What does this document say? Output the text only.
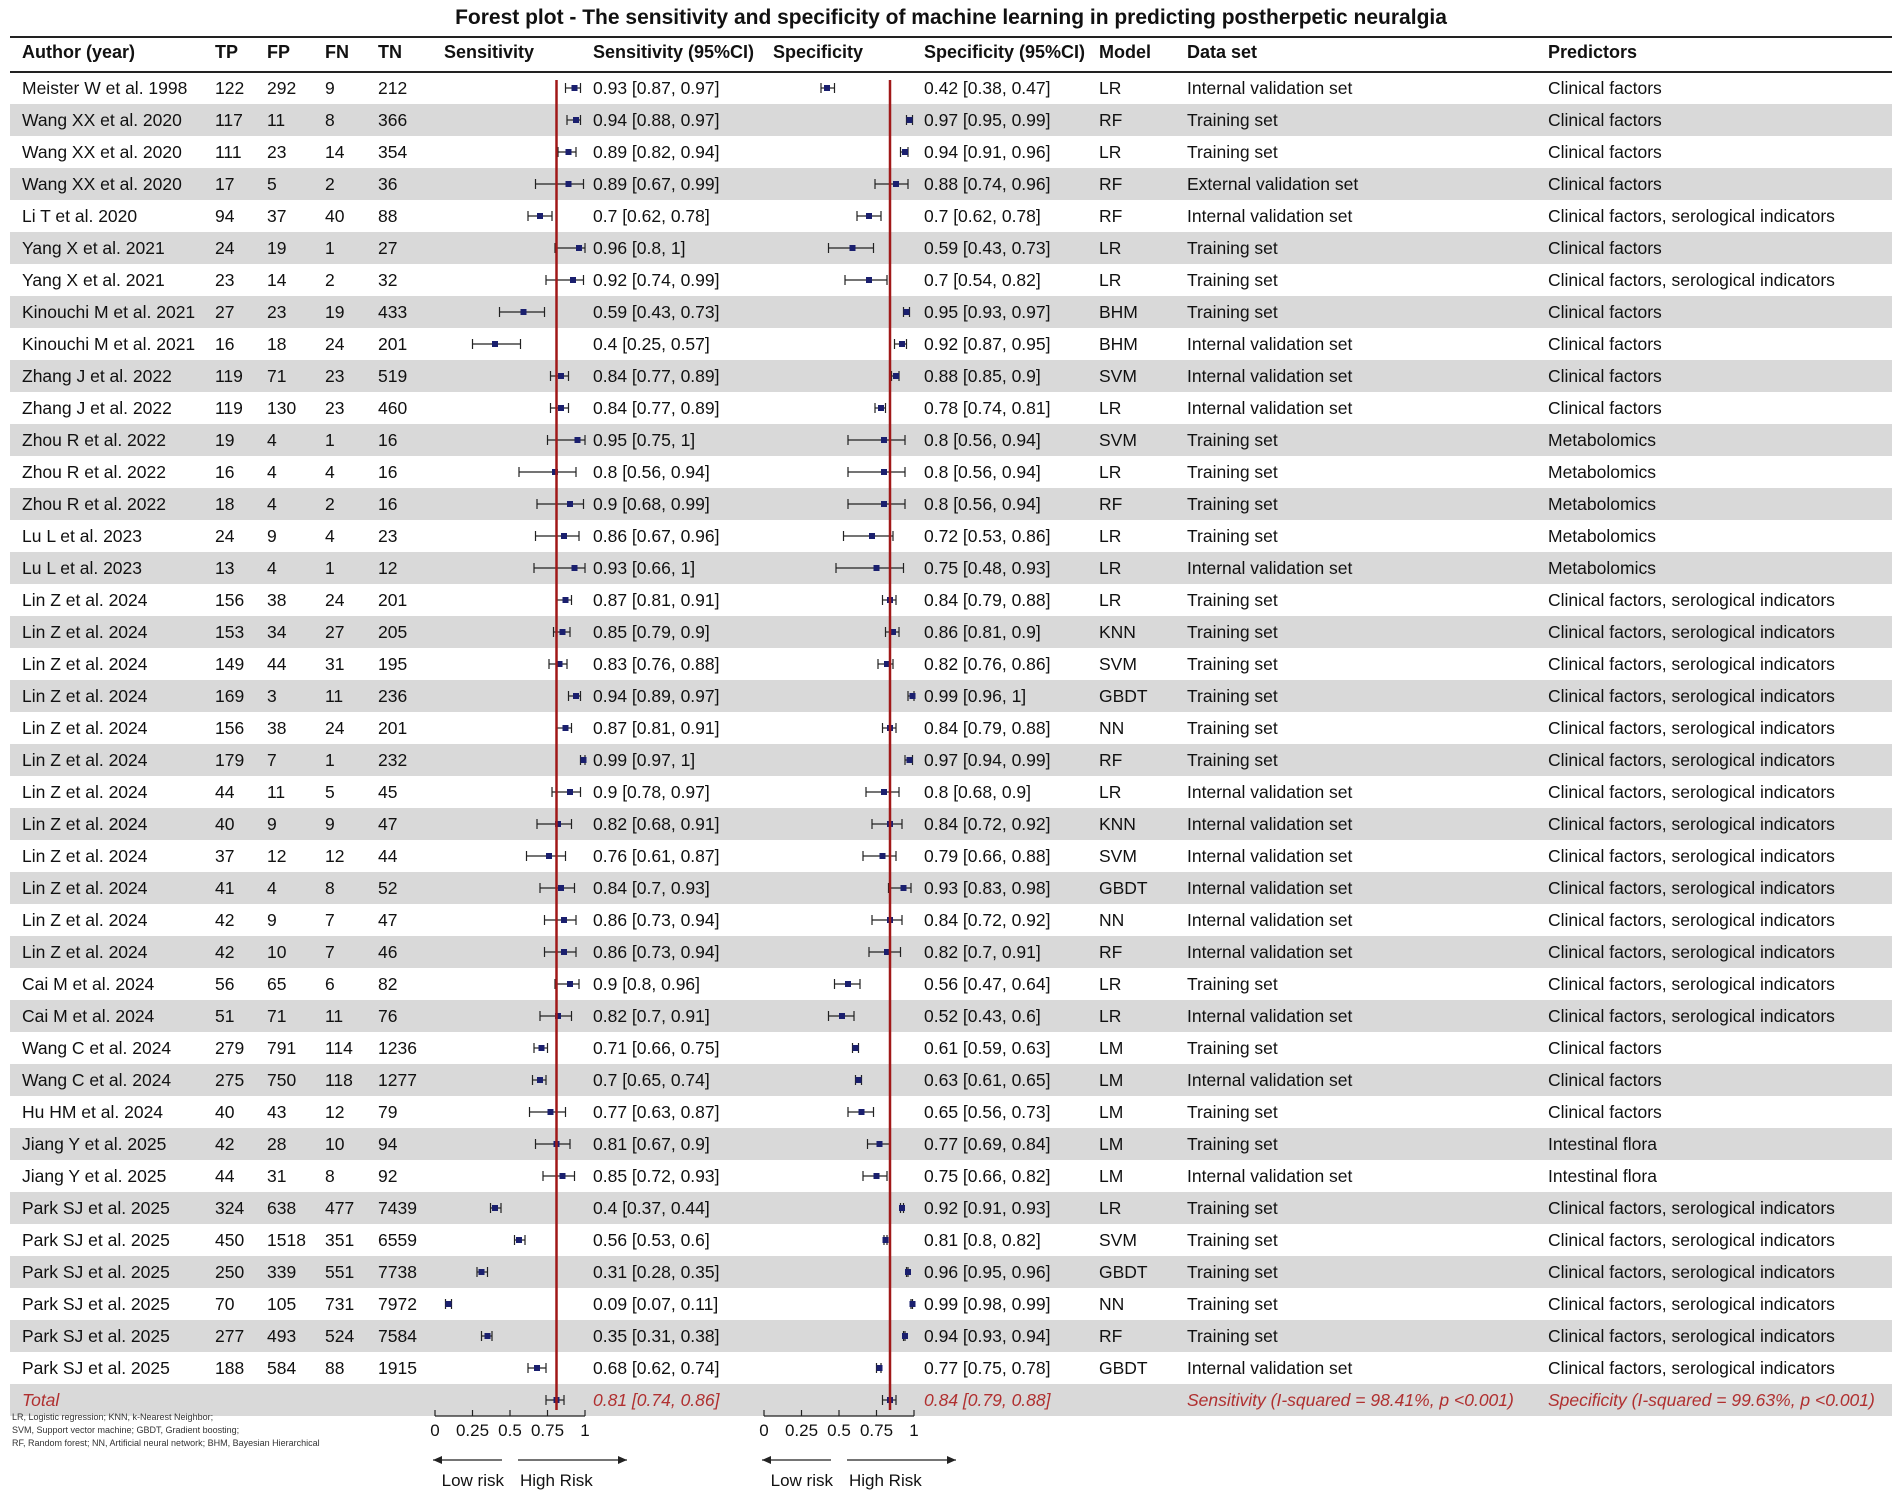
Forest plot - The sensitivity and specificity of machine learning in predicting postherpetic neuralgia
Author (year)	TP FP FN TN Sensitivity	Sensitivity (95%CI) Specificity	Specificity (95%CI) Model Data set	Predictors
Meister W et al. 1998 122 292 9 212	0.93 [0.87, 0.97]	0.42 [0.38, 0.47]	LR	Internal validation set	Clinical factors
Wang XX et al. 2020 117 11 8 366	0.94 [0.88, 0.97]	0.97 [0.95, 0.99]	RF	Training set	Clinical factors
Wang XX et al. 2020 111 23 14 354	0.89 [0.82, 0.94]	0.94 [0.91, 0.96]	LR	Training set	Clinical factors
Wang XX et al. 2020 17 5	2 36	0.89 [0.67, 0.99]	0.88 [0.74, 0.96]	RF	External validation set	Clinical factors
Li T et al. 2020	94 37 40 88	0.7 [0.62, 0.78]	0.7 [0.62, 0.78]	RF	Internal validation set	Clinical factors, serological indicators
Yang X et al. 2021	24 19 1 27	0.96 [0.8, 1]	0.59 [0.43, 0.73]	LR	Training set	Clinical factors
Yang X et al. 2021	23 14 2 32	0.92 [0.74, 0.99]	0.7 [0.54, 0.82]	LR	Training set	Clinical factors, serological indicators
Kinouchi M et al. 2021 27 23 19 433	0.59 [0.43, 0.73]	0.95 [0.93, 0.97]	BHM	Training set	Clinical factors
Kinouchi M et al. 2021 16 18 24 201	0.4 [0.25, 0.57]	0.92 [0.87, 0.95]	BHM	Internal validation set	Clinical factors
Zhang J et al. 2022 119 71 23 519	0.84 [0.77, 0.89]	0.88 [0.85, 0.9]	SVM	Internal validation set	Clinical factors
Zhang J et al. 2022 119 130 23 460	0.84 [0.77, 0.89]	0.78 [0.74, 0.81]	LR	Internal validation set	Clinical factors
Zhou R et al. 2022	19 4	1 16	0.95 [0.75, 1]	0.8 [0.56, 0.94]	SVM	Training set	Metabolomics
Zhou R et al. 2022	16 4	4 16	0.8 [0.56, 0.94]	0.8 [0.56, 0.94]	LR	Training set	Metabolomics
Zhou R et al. 2022	18 4	2 16	0.9 [0.68, 0.99]	0.8 [0.56, 0.94]	RF	Training set	Metabolomics
Lu L et al. 2023	24 9	4 23	0.86 [0.67, 0.96]	0.72 [0.53, 0.86]	LR	Training set	Metabolomics
Lu L et al. 2023	13 4	1 12	0.93 [0.66, 1]	0.75 [0.48, 0.93]	LR	Internal validation set	Metabolomics
Lin Z et al. 2024	156 38 24 201	0.87 [0.81, 0.91]	0.84 [0.79, 0.88]	LR	Training set	Clinical factors, serological indicators
Lin Z et al. 2024	153 34 27 205	0.85 [0.79, 0.9]	0.86 [0.81, 0.9]	KNN	Training set	Clinical factors, serological indicators
Lin Z et al. 2024	149 44 31 195	0.83 [0.76, 0.88]	0.82 [0.76, 0.86]	SVM	Training set	Clinical factors, serological indicators
Lin Z et al. 2024	169 3	11 236	0.94 [0.89, 0.97]	0.99 [0.96, 1]	GBDT Training set	Clinical factors, serological indicators
Lin Z et al. 2024	156 38 24 201	0.87 [0.81, 0.91]	0.84 [0.79, 0.88]	NN	Training set	Clinical factors, serological indicators
Lin Z et al. 2024	179 7	1 232	0.99 [0.97, 1]	0.97 [0.94, 0.99]	RF	Training set	Clinical factors, serological indicators
Lin Z et al. 2024	44 11 5 45	0.9 [0.78, 0.97]	0.8 [0.68, 0.9]	LR	Internal validation set	Clinical factors, serological indicators
Lin Z et al. 2024	40 9	9 47	0.82 [0.68, 0.91]	0.84 [0.72, 0.92]	KNN	Internal validation set	Clinical factors, serological indicators
Lin Z et al. 2024	37 12 12 44	0.76 [0.61, 0.87]	0.79 [0.66, 0.88]	SVM	Internal validation set	Clinical factors, serological indicators
Lin Z et al. 2024	41 4	8 52	0.84 [0.7, 0.93]	0.93 [0.83, 0.98]	GBDT Internal validation set	Clinical factors, serological indicators
Lin Z et al. 2024	42 9	7 47	0.86 [0.73, 0.94]	0.84 [0.72, 0.92]	NN	Internal validation set	Clinical factors, serological indicators
Lin Z et al. 2024	42 10 7 46	0.86 [0.73, 0.94]	0.82 [0.7, 0.91]	RF	Internal validation set	Clinical factors, serological indicators
Cai M et al. 2024	56 65 6 82	0.9 [0.8, 0.96]	0.56 [0.47, 0.64]	LR	Training set	Clinical factors, serological indicators
Cai M et al. 2024	51 71 11 76	0.82 [0.7, 0.91]	0.52 [0.43, 0.6]	LR	Internal validation set	Clinical factors, serological indicators
Wang C et al. 2024	279 791 114 1236	0.71 [0.66, 0.75]	0.61 [0.59, 0.63]	LM	Training set	Clinical factors
Wang C et al. 2024	275 750 118 1277	0.7 [0.65, 0.74]	0.63 [0.61, 0.65]	LM	Internal validation set	Clinical factors
Hu HM et al. 2024	40 43 12 79	0.77 [0.63, 0.87]	0.65 [0.56, 0.73]	LM	Training set	Clinical factors
Jiang Y et al. 2025	42 28 10 94	0.81 [0.67, 0.9]	0.77 [0.69, 0.84]	LM	Training set	Intestinal flora
Jiang Y et al. 2025	44 31 8 92	0.85 [0.72, 0.93]	0.75 [0.66, 0.82]	LM	Internal validation set	Intestinal flora
Park SJ et al. 2025	324 638 477 7439	0.4 [0.37, 0.44]	0.92 [0.91, 0.93]	LR	Training set	Clinical factors, serological indicators
Park SJ et al. 2025	450 1518 351 6559	0.56 [0.53, 0.6]	0.81 [0.8, 0.82]	SVM	Training set	Clinical factors, serological indicators
Park SJ et al. 2025	250 339 551 7738	0.31 [0.28, 0.35]	0.96 [0.95, 0.96]	GBDT Training set	Clinical factors, serological indicators
Park SJ et al. 2025	70 105 731 7972	0.09 [0.07, 0.11]	0.99 [0.98, 0.99]	NN	Training set	Clinical factors, serological indicators
Park SJ et al. 2025	277 493 524 7584	0.35 [0.31, 0.38]	0.94 [0.93, 0.94]	RF	Training set	Clinical factors, serological indicators
Park SJ et al. 2025	188 584 88 1915	0.68 [0.62, 0.74]	0.77 [0.75, 0.78]	GBDT Internal validation set	Clinical factors, serological indicators
Total	0.81 [0.74, 0.86]	0.84 [0.79, 0.88]	Sensitivity (I-squared = 98.41%, p <0.001) Specificity (I-squared = 99.63%, p <0.001)
0 0.25 0.5 0.75 1
Low risk High Risk
0 0.25 0.5 0.75 1
Low risk High Risk
LR, Logistic regression; KNN, k-Nearest Neighbor;
SVM, Support vector machine; GBDT, Gradient boosting;
RF, Random forest; NN, Artificial neural network; BHM, Bayesian Hierarchical
